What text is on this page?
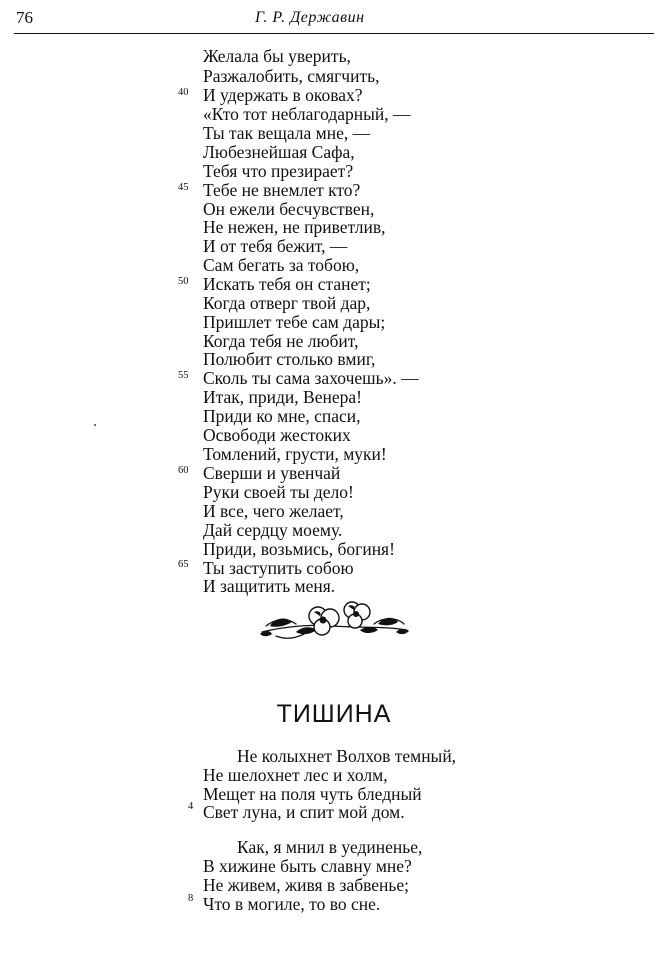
76	Г. Р. Державин
Желала бы уверить,
Разжалобить, смягчить,
И удержать в оковах?
«Кто тот неблагодарный, —
Ты так вещала мне, —
Любезнейшая Сафа,
Тебя что презирает?
Тебе не внемлет кто?
Он ежели бесчувствен,
Не нежен, не приветлив,
И от тебя бежит, —
Сам бегать за тобою,
Искать тебя он станет;
Когда отверг твой дар,
Пришлет тебе сам дары;
Когда тебя не любит,
Полюбит столько вмиг,
Сколь ты сама захочешь». —
Итак, приди, Венера!
Приди ко мне, спаси,
Освободи жестоких
Томлений, грусти, муки!
Сверши и увенчай
Руки своей ты дело!
И все, чего желает,
Дай сердцу моему.
Приди, возьмись, богиня!
Ты заступить собою
И защитить меня.
40
45
50
55
60
65
ТИШИНА
Не колыхнет Волхов темный,
Не шелохнет лес и холм,
Мещет на поля чуть бледный
Свет луна, и спит мой дом.
Как, я мнил в уединенье,
В хижине быть славну мне?
Не живем, живя в забвенье;
Что в могиле, то во сне.
4
8
